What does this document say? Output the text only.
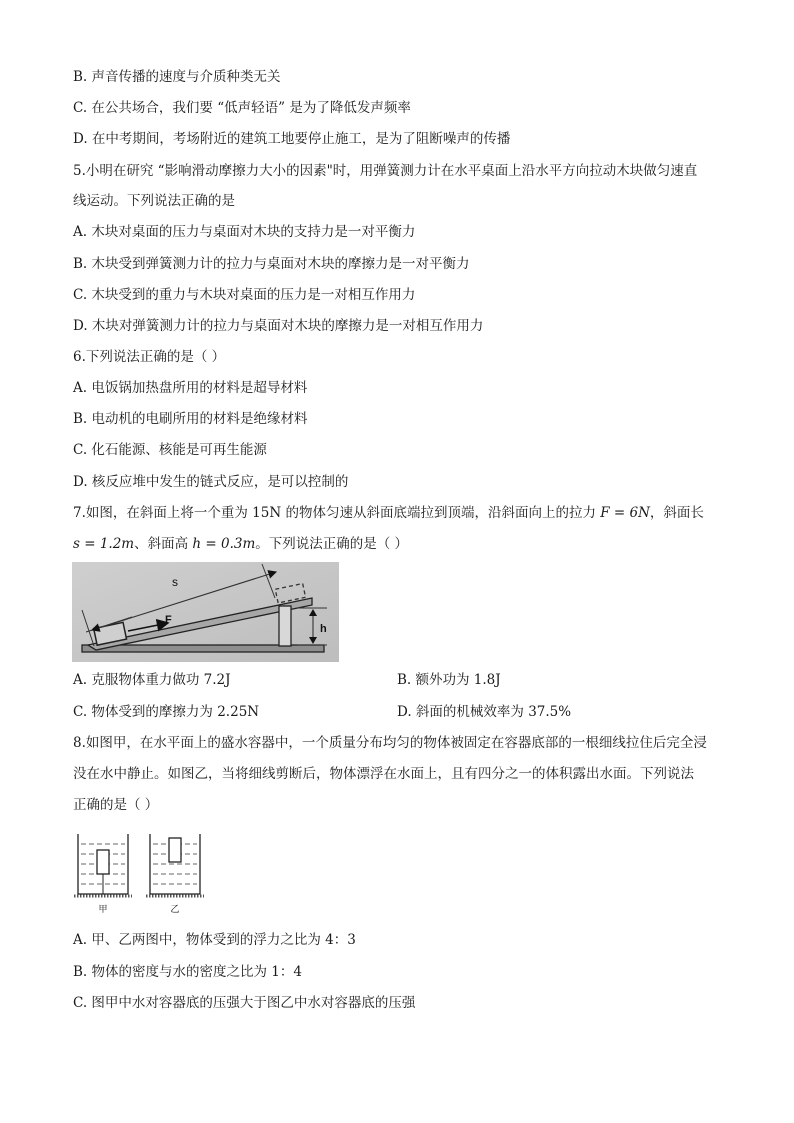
B. 声音传播的速度与介质种类无关
C. 在公共场合，我们要 “低声轻语” 是为了降低发声频率
D. 在中考期间，考场附近的建筑工地要停止施工，是为了阻断噪声的传播
5.小明在研究 “影响滑动摩擦力大小的因素"时，用弹簧测力计在水平桌面上沿水平方向拉动木块做匀速直
线运动。下列说法正确的是
A. 木块对桌面的压力与桌面对木块的支持力是一对平衡力
B. 木块受到弹簧测力计的拉力与桌面对木块的摩擦力是一对平衡力
C. 木块受到的重力与木块对桌面的压力是一对相互作用力
D. 木块对弹簧测力计的拉力与桌面对木块的摩擦力是一对相互作用力
6.下列说法正确的是（ ）
A. 电饭锅加热盘所用的材料是超导材料
B. 电动机的电刷所用的材料是绝缘材料
C. 化石能源、核能是可再生能源
D. 核反应堆中发生的链式反应，是可以控制的
7.如图，在斜面上将一个重为 15N 的物体匀速从斜面底端拉到顶端，沿斜面向上的拉力 F = 6N，斜面长
s = 1.2m、斜面高 h = 0.3m。下列说法正确的是（ ）
s
F
h
A. 克服物体重力做功 7.2J	B. 额外功为 1.8J
C. 物体受到的摩擦力为 2.25N	D. 斜面的机械效率为 37.5%
8.如图甲，在水平面上的盛水容器中，一个质量分布均匀的物体被固定在容器底部的一根细线拉住后完全浸
没在水中静止。如图乙，当将细线剪断后，物体漂浮在水面上，且有四分之一的体积露出水面。下列说法
正确的是（ ）
甲	乙
A. 甲、乙两图中，物体受到的浮力之比为 4：3
B. 物体的密度与水的密度之比为 1：4
C. 图甲中水对容器底的压强大于图乙中水对容器底的压强
